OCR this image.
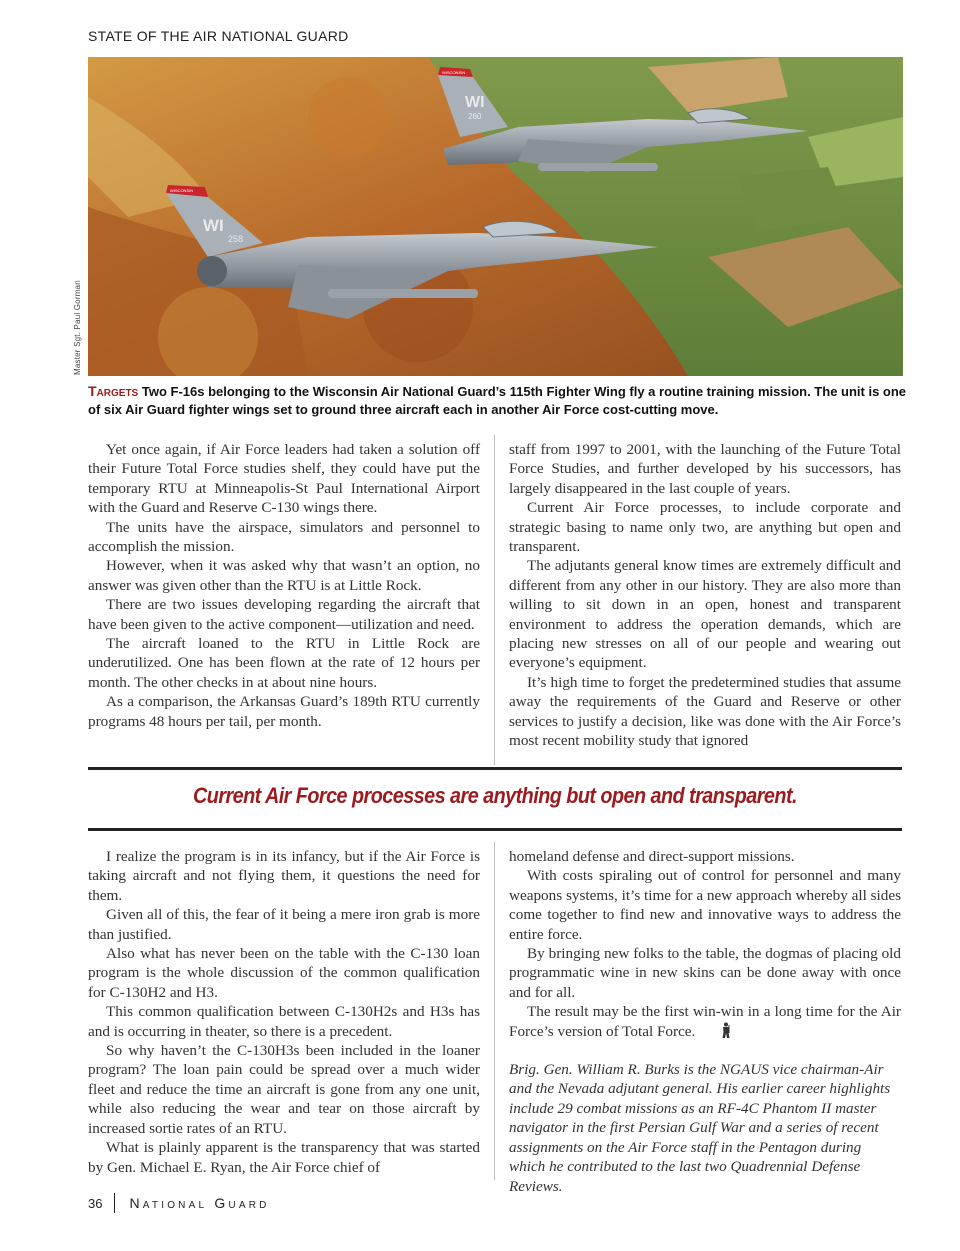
STATE OF THE AIR NATIONAL GUARD
WI
260
WISCONSIN
WI
258
WISCONSIN
Master Sgt. Paul Gorman
Targets Two F-16s belonging to the Wisconsin Air National Guard’s 115th Fighter Wing fly a routine training mission. The unit is one of six Air Guard fighter wings set to ground three aircraft each in another Air Force cost-cutting move.

Yet once again, if Air Force leaders had taken a solution off their Future Total Force studies shelf, they could have put the temporary RTU at Minneapolis-St Paul International Airport with the Guard and Reserve C-130 wings there.

The units have the airspace, simulators and personnel to accomplish the mission.

However, when it was asked why that wasn’t an option, no answer was given other than the RTU is at Little Rock.

There are two issues developing regarding the aircraft that have been given to the active component—utilization and need.

The aircraft loaned to the RTU in Little Rock are underutilized. One has been flown at the rate of 12 hours per month. The other checks in at about nine hours.

As a comparison, the Arkansas Guard’s 189th RTU currently programs 48 hours per tail, per month.

staff from 1997 to 2001, with the launching of the Future Total Force Studies, and further developed by his successors, has largely disappeared in the last couple of years.

Current Air Force processes, to include corporate and strategic basing to name only two, are anything but open and transparent.

The adjutants general know times are extremely difficult and different from any other in our history. They are also more than willing to sit down in an open, honest and transparent environment to address the operation demands, which are placing new stresses on all of our people and wearing out everyone’s equipment.

It’s high time to forget the predetermined studies that assume away the requirements of the Guard and Reserve or other services to justify a decision, like was done with the Air Force’s most recent mobility study that ignored

Current Air Force processes are anything but open and transparent.

I realize the program is in its infancy, but if the Air Force is taking aircraft and not flying them, it questions the need for them.

Given all of this, the fear of it being a mere iron grab is more than justified.

Also what has never been on the table with the C-130 loan program is the whole discussion of the common qualification for C-130H2 and H3.

This common qualification between C-130H2s and H3s has and is occurring in theater, so there is a precedent.

So why haven’t the C-130H3s been included in the loaner program? The loan pain could be spread over a much wider fleet and reduce the time an aircraft is gone from any one unit, while also reducing the wear and tear on those aircraft by increased sortie rates of an RTU.

What is plainly apparent is the transparency that was started by Gen. Michael E. Ryan, the Air Force chief of

homeland defense and direct-support missions.

With costs spiraling out of control for personnel and many weapons systems, it’s time for a new approach whereby all sides come together to find new and innovative ways to address the entire force.

By bringing new folks to the table, the dogmas of placing old programmatic wine in new skins can be done away with once and for all.

The result may be the first win-win in a long time for the Air Force’s version of Total Force.

Brig. Gen. William R. Burks is the NGAUS vice chairman-Air and the Nevada adjutant general. His earlier career highlights include 29 combat missions as an RF-4C Phantom II master navigator in the first Persian Gulf War and a series of recent assignments on the Air Force staff in the Pentagon during which he contributed to the last two Quadrennial Defense Reviews.

36 National Guard
